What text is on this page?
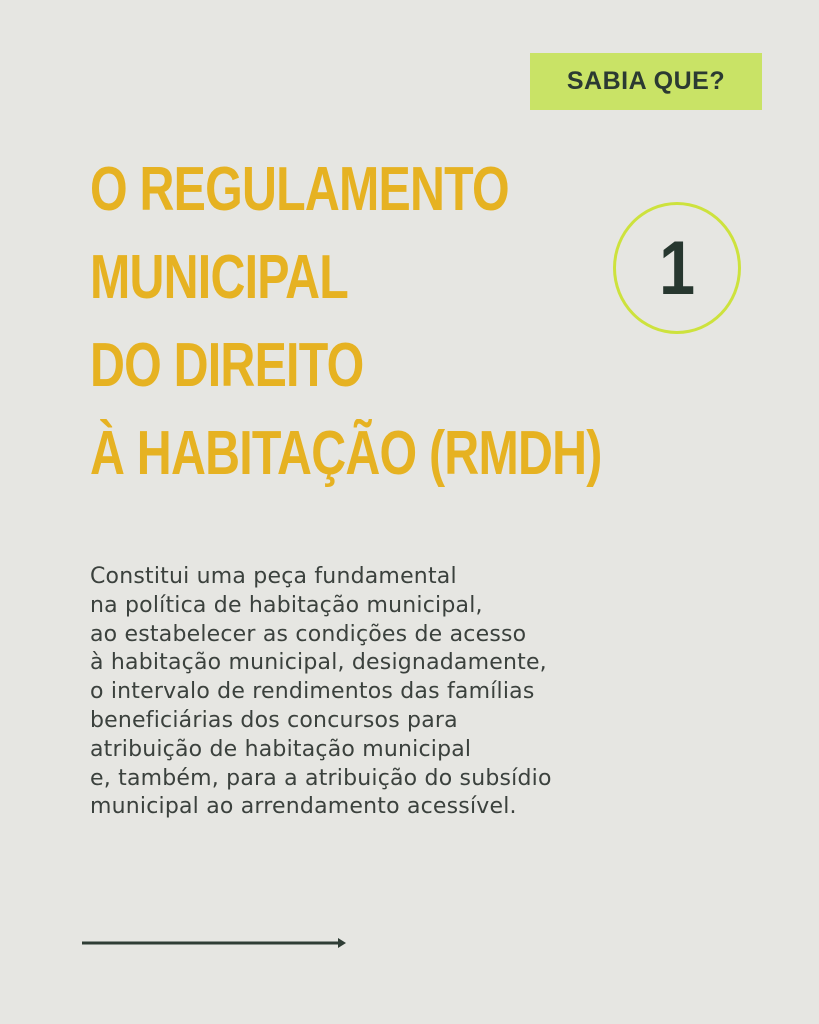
SABIA QUE?
O REGULAMENTO
MUNICIPAL
DO DIREITO
À HABITAÇÃO (RMDH)
1

Constitui uma peça fundamental
na política de habitação municipal,
ao estabelecer as condições de acesso
à habitação municipal, designadamente,
o intervalo de rendimentos das famílias
beneficiárias dos concursos para
atribuição de habitação municipal
e, também, para a atribuição do subsídio
municipal ao arrendamento acessível.
